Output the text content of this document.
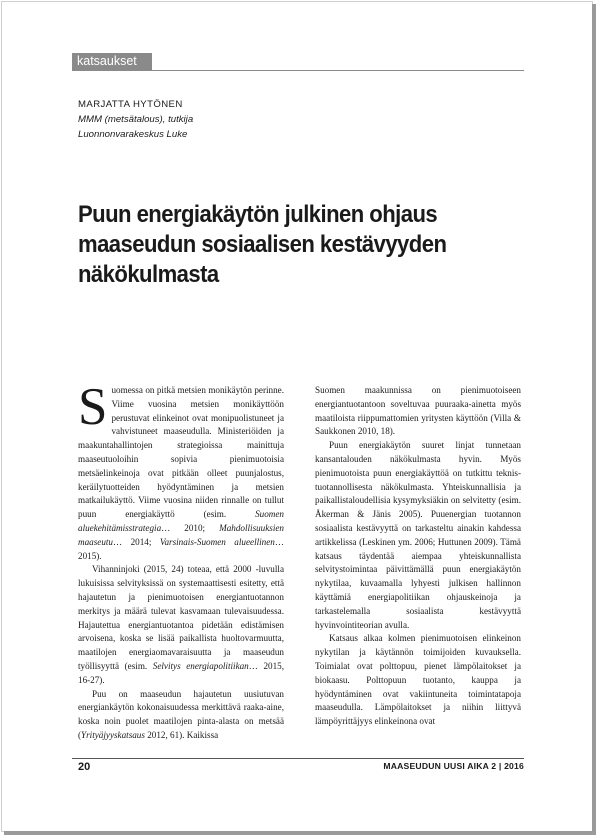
katsaukset
MARJATTA HYTÖNEN
MMM (metsätalous), tutkija
Luonnonvarakeskus Luke
Puun energiakäytön julkinen ohjaus
maaseudun sosiaalisen kestävyyden
näkökulmasta

Suomessa on pitkä metsien monikäytön perinne. Viime vuosina metsien monikäyttöön perustuvat elinkeinot ovat monipuolistuneet ja vahvistuneet maaseudulla. Ministeriöiden ja maakuntahallintojen strategioissa mainittuja maaseutuoloihin sopivia pienimuotoisia metsäelinkeinoja ovat pitkään olleet puunjalostus, keräilytuotteiden hyödyntäminen ja metsien matkailukäyttö. Viime vuosina niiden rinnalle on tullut puun energiakäyttö (esim. Suomen aluekehitämisstrategia… 2010; Mahdollisuuksien maaseutu… 2014; Varsinais-Suomen alueellinen… 2015).

Vihanninjoki (2015, 24) toteaa, että 2000 -luvulla lukuisissa selvityksissä on systemaattisesti esitetty, että hajautetun ja pienimuotoisen energiantuotannon merkitys ja määrä tulevat kasvamaan tulevaisuudessa. Hajautettua energiantuotantoa pidetään edistämisen arvoisena, koska se lisää paikallista huoltovarmuutta, maatilojen energiaomavaraisuutta ja maaseudun työllisyyttä (esim. Selvitys energiapolitiikan… 2015, 16-27).

Puu on maaseudun hajautetun uusiutuvan energiankäytön kokonaisuudessa merkittävä raaka-aine, koska noin puolet maatilojen pinta-alasta on metsää (Yrityäjyyskatsaus 2012, 61). Kaikissa

Suomen maakunnissa on pienimuotoiseen energiantuotantoon soveltuvaa puuraaka-ainetta myös maatiloista riippumattomien yritysten käyttöön (Villa & Saukkonen 2010, 18).

Puun energiakäytön suuret linjat tunnetaan kansantalouden näkökulmasta hyvin. Myös pienimuotoista puun energiakäyttöä on tutkittu teknis-tuotannollisesta näkökulmasta. Yhteiskunnallisia ja paikallistaloudellisia kysymyksiäkin on selvitetty (esim. Åkerman & Jänis 2005). Puuenergian tuotannon sosiaalista kestävyyttä on tarkasteltu ainakin kahdessa artikkelissa (Leskinen ym. 2006; Huttunen 2009). Tämä katsaus täydentää aiempaa yhteiskunnallista selvitystoimintaa päivittämällä puun energiakäytön nykytilaa, kuvaamalla lyhyesti julkisen hallinnon käyttämiä energiapolitiikan ohjauskeinoja ja tarkastelemalla sosiaalista kestävyyttä hyvinvointiteorian avulla.

Katsaus alkaa kolmen pienimuotoisen elinkeinon nykytilan ja käytännön toimijoiden kuvauksella. Toimialat ovat polttopuu, pienet lämpölaitokset ja biokaasu. Polttopuun tuotanto, kauppa ja hyödyntäminen ovat vakiintuneita toimintatapoja maaseudulla. Lämpölaitokset ja niihin liittyvä lämpöyrittäjyys elinkeinona ovat

20	MAASEUDUN UUSI AIKA 2 | 2016
